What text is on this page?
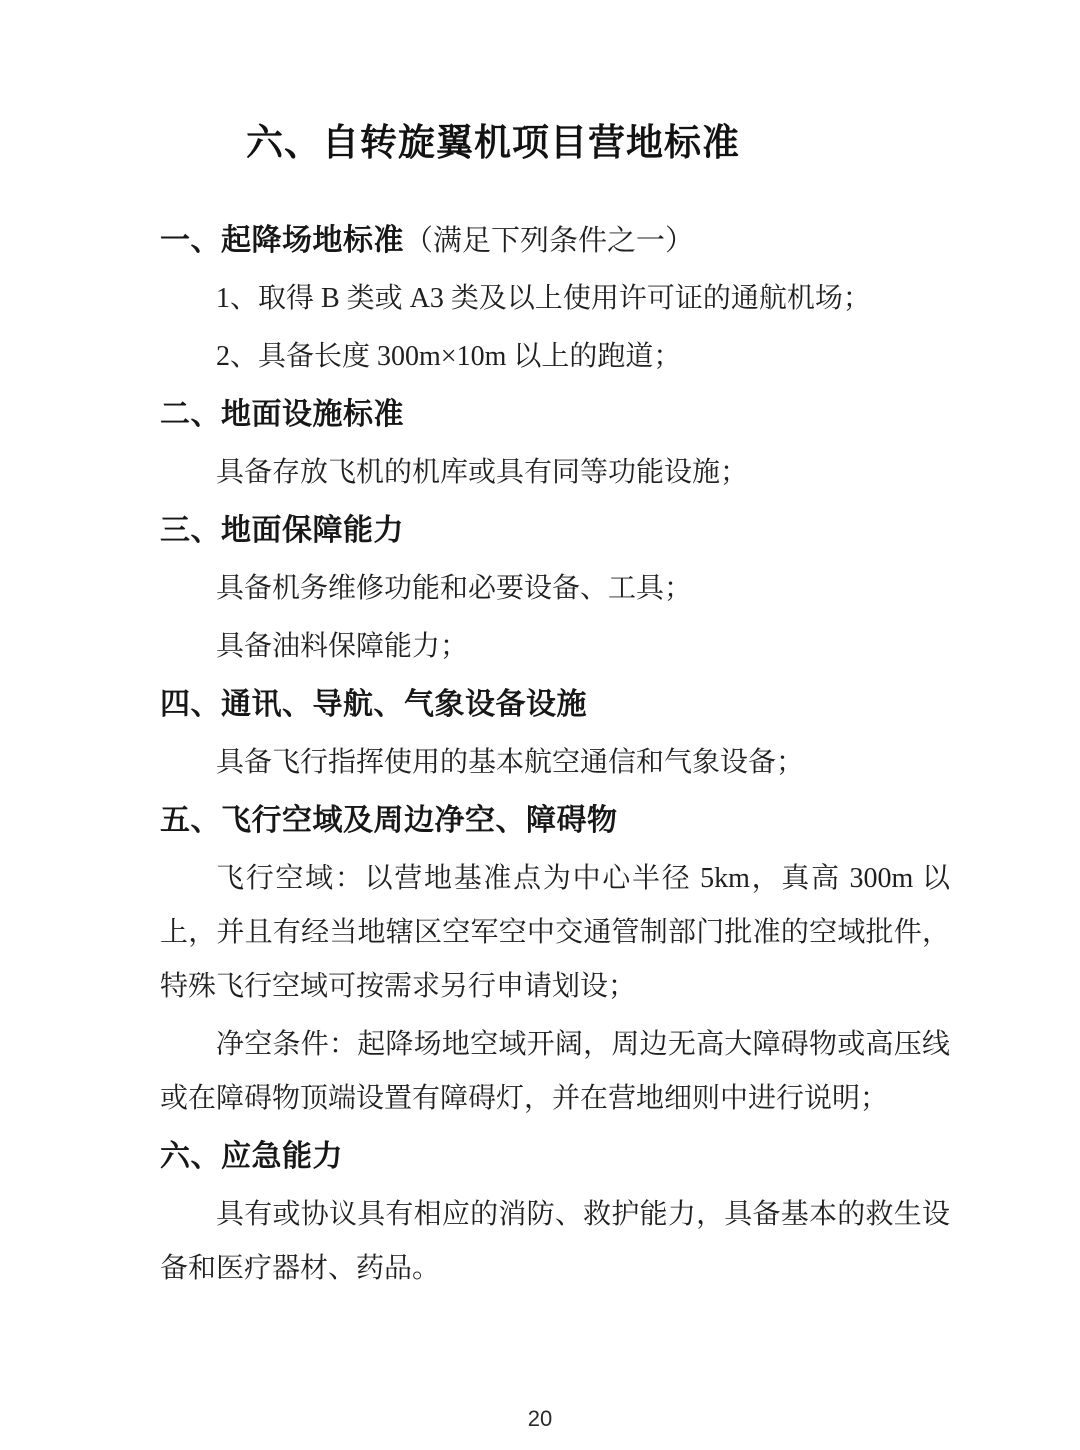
六、自转旋翼机项目营地标准
一、起降场地标准（满足下列条件之一）

1、取得 B 类或 A3 类及以上使用许可证的通航机场；

2、具备长度 300m×10m 以上的跑道；

二、地面设施标准

具备存放飞机的机库或具有同等功能设施；

三、地面保障能力

具备机务维修功能和必要设备、工具；

具备油料保障能力；

四、通讯、导航、气象设备设施

具备飞行指挥使用的基本航空通信和气象设备；

五、飞行空域及周边净空、障碍物

飞行空域：以营地基准点为中心半径 5km，真高 300m 以上，并且有经当地辖区空军空中交通管制部门批准的空域批件，特殊飞行空域可按需求另行申请划设；

净空条件：起降场地空域开阔，周边无高大障碍物或高压线或在障碍物顶端设置有障碍灯，并在营地细则中进行说明；

六、应急能力

具有或协议具有相应的消防、救护能力，具备基本的救生设备和医疗器材、药品。

20
